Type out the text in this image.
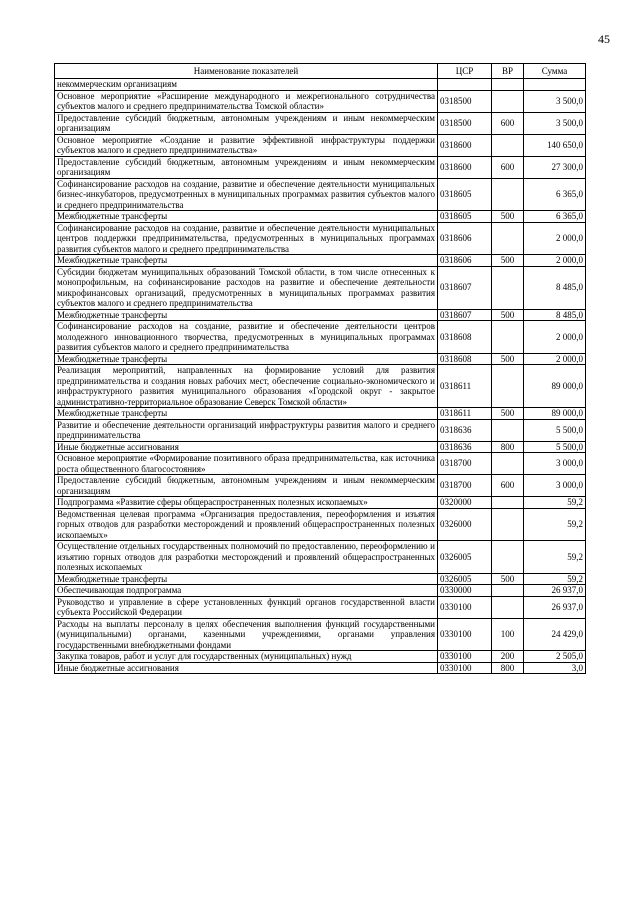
45
Наименование показателей	ЦСР	ВР	Сумма
некоммерческим организациям			
Основное мероприятие «Расширение международного и межрегионального сотрудничества субъектов малого и среднего предпринимательства Томской области»	0318500		3 500,0
Предоставление субсидий бюджетным, автономным учреждениям и иным некоммерческим организациям	0318500	600	3 500,0
Основное мероприятие «Создание и развитие эффективной инфраструктуры поддержки субъектов малого и среднего предпринимательства»	0318600		140 650,0
Предоставление субсидий бюджетным, автономным учреждениям и иным некоммерческим организациям	0318600	600	27 300,0
Софинансирование расходов на создание, развитие и обеспечение деятельности муниципальных бизнес-инкубаторов, предусмотренных в муниципальных программах развития субъектов малого и среднего предпринимательства	0318605		6 365,0
Межбюджетные трансферты	0318605	500	6 365,0
Софинансирование расходов на создание, развитие и обеспечение деятельности муниципальных центров поддержки предпринимательства, предусмотренных в муниципальных программах развития субъектов малого и среднего предпринимательства	0318606		2 000,0
Межбюджетные трансферты	0318606	500	2 000,0
Субсидии бюджетам муниципальных образований Томской области, в том числе отнесенных к монопрофильным, на софинансирование расходов на развитие и обеспечение деятельности микрофинансовых организаций, предусмотренных в муниципальных программах развития субъектов малого и среднего предпринимательства	0318607		8 485,0
Межбюджетные трансферты	0318607	500	8 485,0
Софинансирование расходов на создание, развитие и обеспечение деятельности центров молодежного инновационного творчества, предусмотренных в муниципальных программах развития субъектов малого и среднего предпринимательства	0318608		2 000,0
Межбюджетные трансферты	0318608	500	2 000,0
Реализация мероприятий, направленных на формирование условий для развития предпринимательства и создания новых рабочих мест, обеспечение социально-экономического и инфраструктурного развития муниципального образования «Городской округ - закрытое административно-территориальное образование Северск Томской области»	0318611		89 000,0
Межбюджетные трансферты	0318611	500	89 000,0
Развитие и обеспечение деятельности организаций инфраструктуры развития малого и среднего предпринимательства	0318636		5 500,0
Иные бюджетные ассигнования	0318636	800	5 500,0
Основное мероприятие «Формирование позитивного образа предпринимательства, как источника роста общественного благосостояния»	0318700		3 000,0
Предоставление субсидий бюджетным, автономным учреждениям и иным некоммерческим организациям	0318700	600	3 000,0
Подпрограмма «Развитие сферы общераспространенных полезных ископаемых»	0320000		59,2
Ведомственная целевая программа «Организация предоставления, переоформления и изъятия горных отводов для разработки месторождений и проявлений общераспространенных полезных ископаемых»	0326000		59,2
Осуществление отдельных государственных полномочий по предоставлению, переоформлению и изъятию горных отводов для разработки месторождений и проявлений общераспространенных полезных ископаемых	0326005		59,2
Межбюджетные трансферты	0326005	500	59,2
Обеспечивающая подпрограмма	0330000		26 937,0
Руководство и управление в сфере установленных функций органов государственной власти субъекта Российской Федерации	0330100		26 937,0
Расходы на выплаты персоналу в целях обеспечения выполнения функций государственными (муниципальными) органами, казенными учреждениями, органами управления государственными внебюджетными фондами	0330100	100	24 429,0
Закупка товаров, работ и услуг для государственных (муниципальных) нужд	0330100	200	2 505,0
Иные бюджетные ассигнования	0330100	800	3,0
